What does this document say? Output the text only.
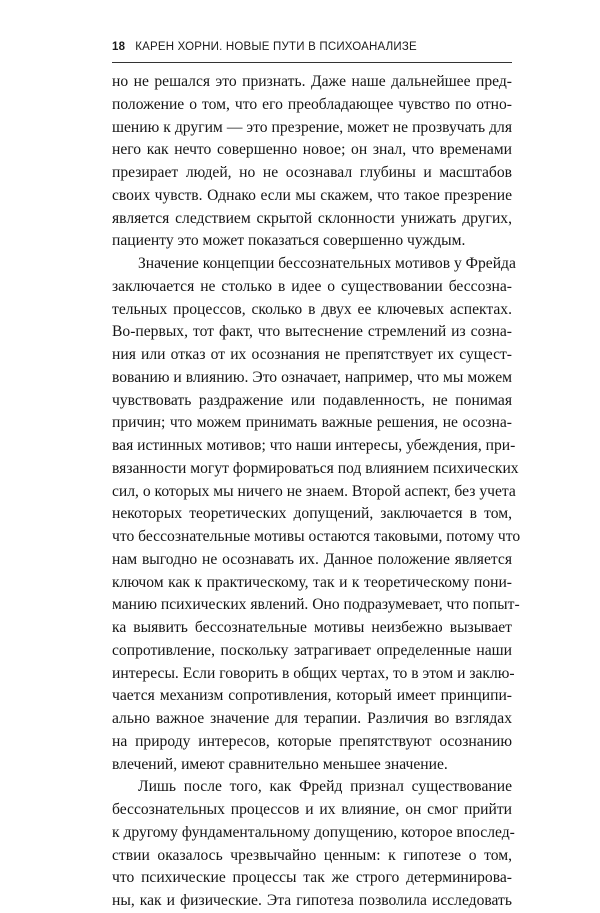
18 КАРЕН ХОРНИ. НОВЫЕ ПУТИ В ПСИХОАНАЛИЗЕ
но не решался это признать. Даже наше дальнейшее пред-
положение о том, что его преобладающее чувство по отно-
шению к другим — это презрение, может не прозвучать для
него как нечто совершенно новое; он знал, что временами
презирает людей, но не осознавал глубины и масштабов
своих чувств. Однако если мы скажем, что такое презрение
является следствием скрытой склонности унижать других,
пациенту это может показаться совершенно чуждым.
Значение концепции бессознательных мотивов у Фрейда
заключается не столько в идее о существовании бессозна-
тельных процессов, сколько в двух ее ключевых аспектах.
Во-первых, тот факт, что вытеснение стремлений из созна-
ния или отказ от их осознания не препятствует их сущест-
вованию и влиянию. Это означает, например, что мы можем
чувствовать раздражение или подавленность, не понимая
причин; что можем принимать важные решения, не осозна-
вая истинных мотивов; что наши интересы, убеждения, при-
вязанности могут формироваться под влиянием психических
сил, о которых мы ничего не знаем. Второй аспект, без учета
некоторых теоретических допущений, заключается в том,
что бессознательные мотивы остаются таковыми, потому что
нам выгодно не осознавать их. Данное положение является
ключом как к практическому, так и к теоретическому пони-
манию психических явлений. Оно подразумевает, что попыт-
ка выявить бессознательные мотивы неизбежно вызывает
сопротивление, поскольку затрагивает определенные наши
интересы. Если говорить в общих чертах, то в этом и заклю-
чается механизм сопротивления, который имеет принципи-
ально важное значение для терапии. Различия во взглядах
на природу интересов, которые препятствуют осознанию
влечений, имеют сравнительно меньшее значение.
Лишь после того, как Фрейд признал существование
бессознательных процессов и их влияние, он смог прийти
к другому фундаментальному допущению, которое впослед-
ствии оказалось чрезвычайно ценным: к гипотезе о том,
что психические процессы так же строго детерминирова-
ны, как и физические. Эта гипотеза позволила исследовать
